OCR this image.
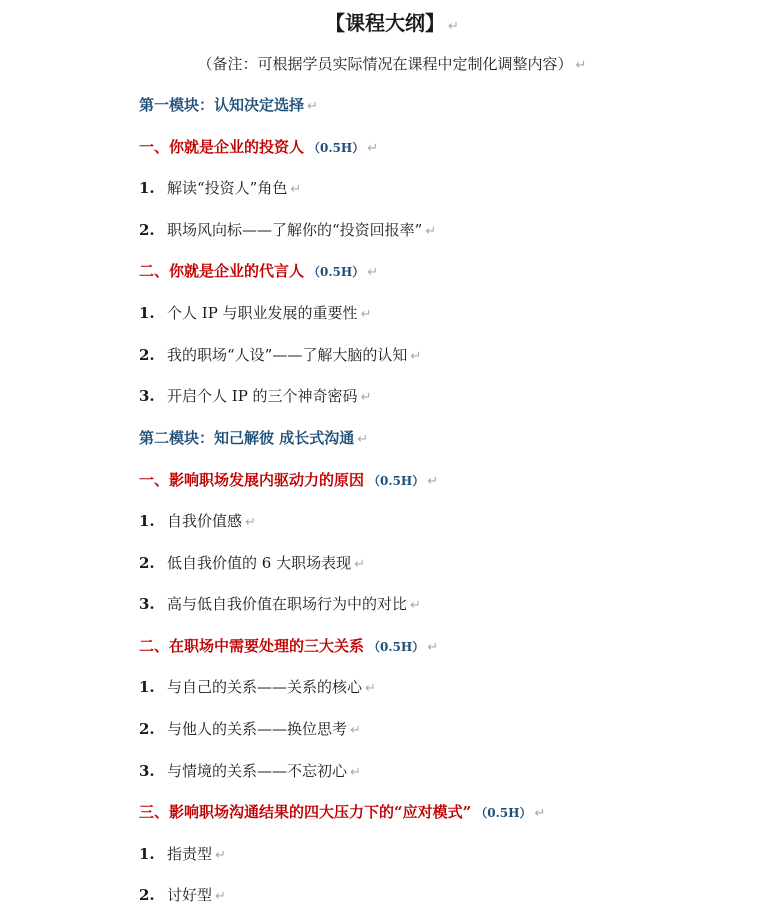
【课程大纲】 ↵
（备注：可根据学员实际情况在课程中定制化调整内容） ↵
第一模块：认知决定选择 ↵
一、你就是企业的投资人 （0.5H） ↵
1. 解读“投资人”角色 ↵
2. 职场风向标——了解你的“投资回报率” ↵
二、你就是企业的代言人 （0.5H） ↵
1. 个人 IP 与职业发展的重要性 ↵
2. 我的职场“人设”——了解大脑的认知 ↵
3. 开启个人 IP 的三个神奇密码 ↵
第二模块：知己解彼 成长式沟通 ↵
一、影响职场发展内驱动力的原因 （0.5H） ↵
1. 自我价值感 ↵
2. 低自我价值的 6 大职场表现 ↵
3. 高与低自我价值在职场行为中的对比 ↵
二、在职场中需要处理的三大关系 （0.5H） ↵
1. 与自己的关系——关系的核心 ↵
2. 与他人的关系——换位思考 ↵
3. 与情境的关系——不忘初心 ↵
三、影响职场沟通结果的四大压力下的“应对模式” （0.5H） ↵
1. 指责型 ↵
2. 讨好型 ↵
